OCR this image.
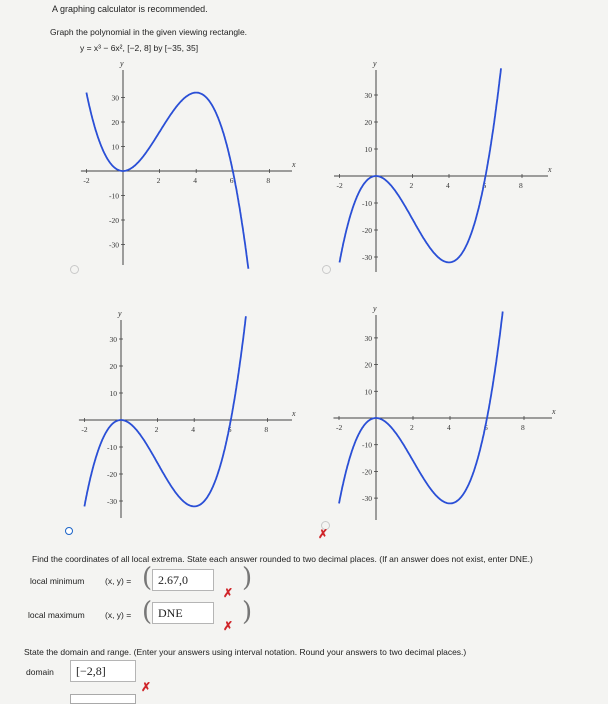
A graphing calculator is recommended.
Graph the polynomial in the given viewing rectangle.
y = x³ − 6x², [−2, 8] by [−35, 35]
x
y
-2	2	4	6	8
30
20
10
-10
-20
-30
x
y
-2	2	4	6	8
30
20
10
-10
-20
-30
x
y
-2	2	4	6	8
30
20
10
-10
-20
-30
x
y
-2	2	4	6	8
30
20
10
-10
-20
-30
✗
Find the coordinates of all local extrema. State each answer rounded to two decimal places. (If an answer does not exist, enter DNE.)
local minimum (x, y) = ( 2.67,0	)
✗
local maximum (x, y) = ( DNE	)
✗
State the domain and range. (Enter your answers using interval notation. Round your answers to two decimal places.)
domain	[−2,8]
✗
